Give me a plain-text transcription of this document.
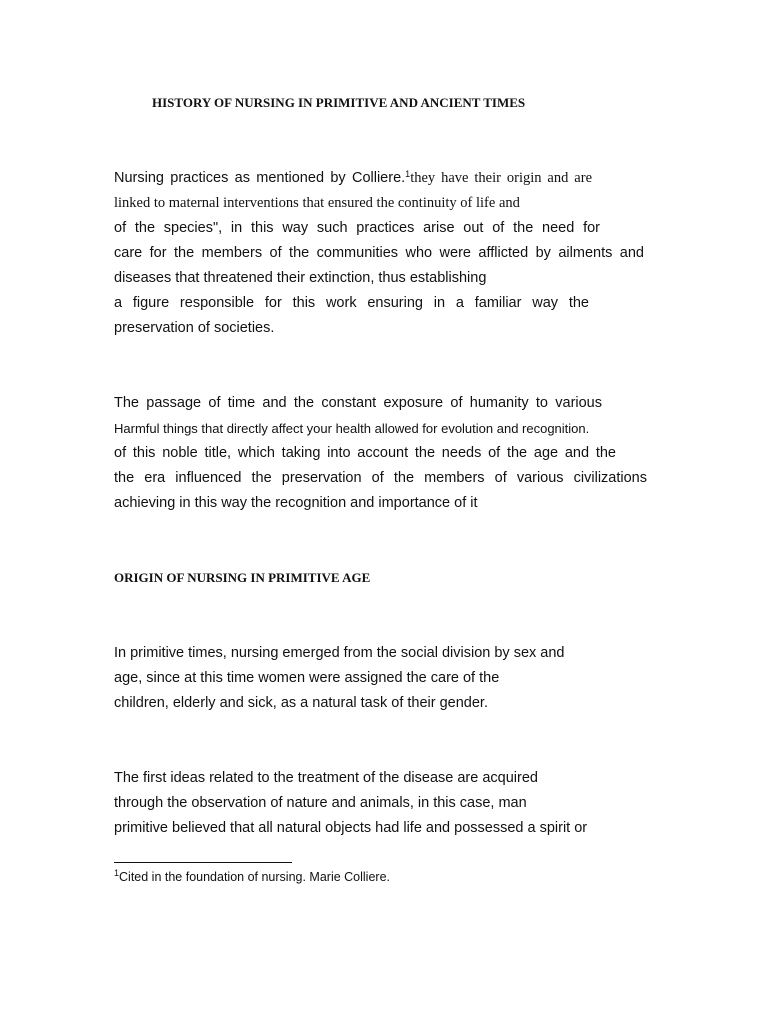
HISTORY OF NURSING IN PRIMITIVE AND ANCIENT TIMES
Nursing practices as mentioned by Colliere.$^1$they have their origin and are
linked to maternal interventions that ensured the continuity of life and
of the species", in this way such practices arise out of the need for
care for the members of the communities who were afflicted by ailments and
diseases that threatened their extinction, thus establishing
a figure responsible for this work ensuring in a familiar way the
preservation of societies.
The passage of time and the constant exposure of humanity to various
Harmful things that directly affect your health allowed for evolution and recognition.
of this noble title, which taking into account the needs of the age and the
the era influenced the preservation of the members of various civilizations
achieving in this way the recognition and importance of it
ORIGIN OF NURSING IN PRIMITIVE AGE
In primitive times, nursing emerged from the social division by sex and
age, since at this time women were assigned the care of the
children, elderly and sick, as a natural task of their gender.
The first ideas related to the treatment of the disease are acquired
through the observation of nature and animals, in this case, man
primitive believed that all natural objects had life and possessed a spirit or
$^1$Cited in the foundation of nursing. Marie Colliere.
